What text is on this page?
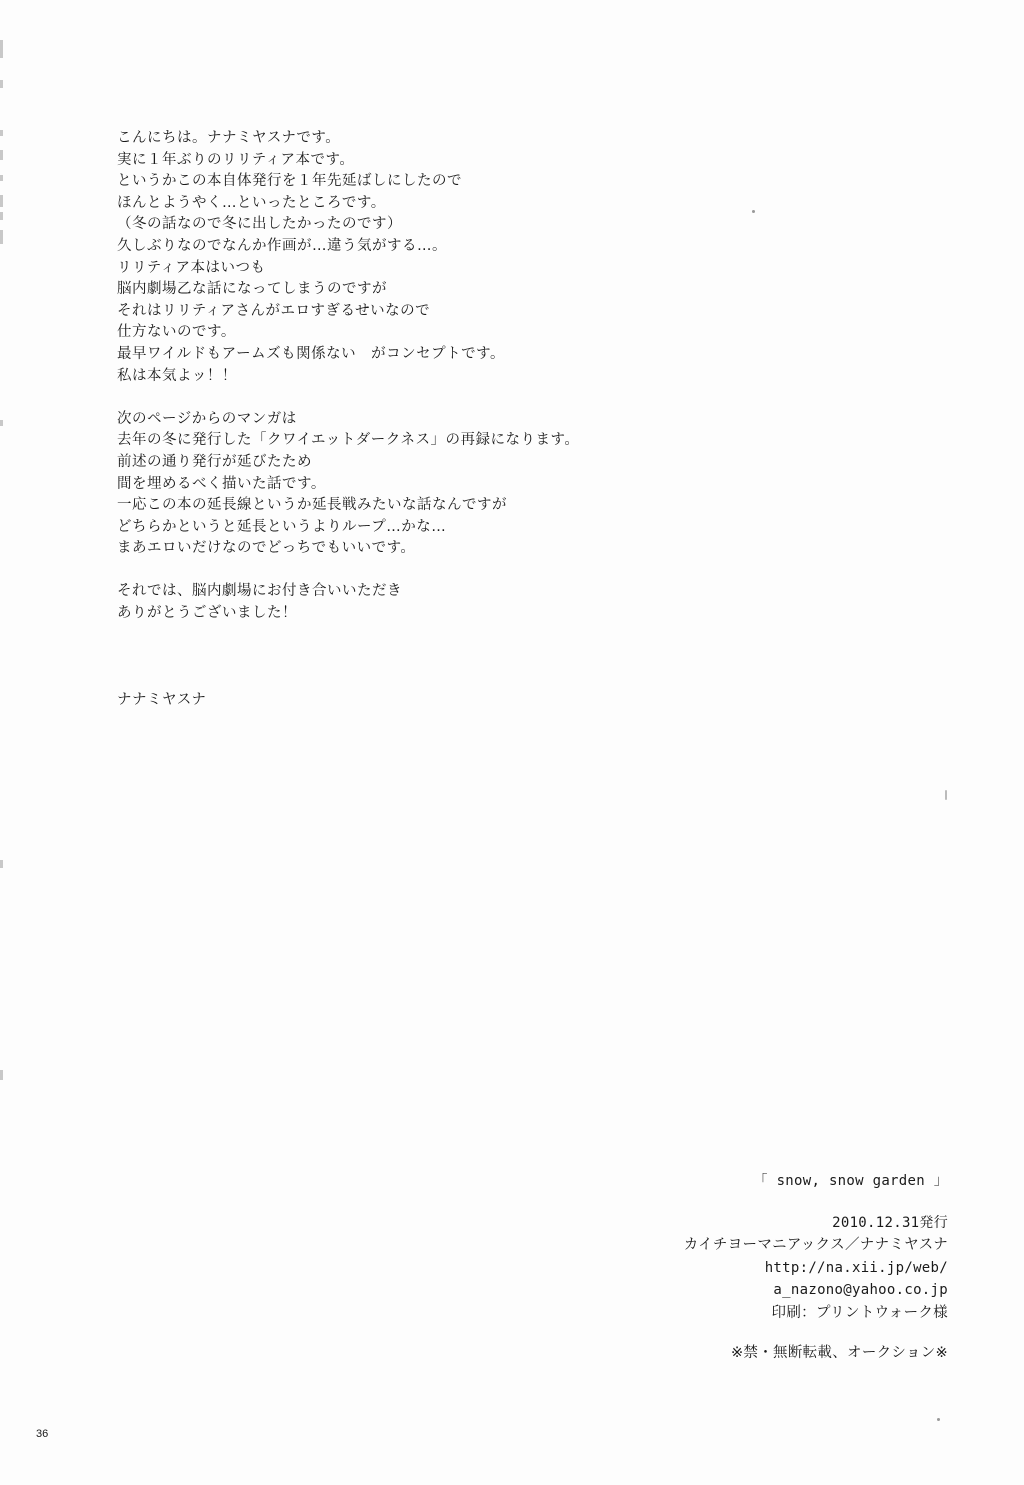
こんにちは。ナナミヤスナです。
実に１年ぶりのリリティア本です。
というかこの本自体発行を１年先延ばしにしたので
ほんとようやく…といったところです。
（冬の話なので冬に出したかったのです）
久しぶりなのでなんか作画が…違う気がする…。
リリティア本はいつも
脳内劇場乙な話になってしまうのですが
それはリリティアさんがエロすぎるせいなので
仕方ないのです。
最早ワイルドもアームズも関係ない　がコンセプトです。
私は本気よッ！！
次のページからのマンガは
去年の冬に発行した「クワイエットダークネス」の再録になります。
前述の通り発行が延びたため
間を埋めるべく描いた話です。
一応この本の延長線というか延長戦みたいな話なんですが
どちらかというと延長というよりループ…かな…
まあエロいだけなのでどっちでもいいです。
それでは、脳内劇場にお付き合いいただき
ありがとうございました！
ナナミヤスナ
「 snow, snow garden 」
2010.12.31発行
カイチヨーマニアックス／ナナミヤスナ
http://na.xii.jp/web/
a_nazono@yahoo.co.jp
印刷：プリントウォーク様
※禁・無断転載、オークション※
36
